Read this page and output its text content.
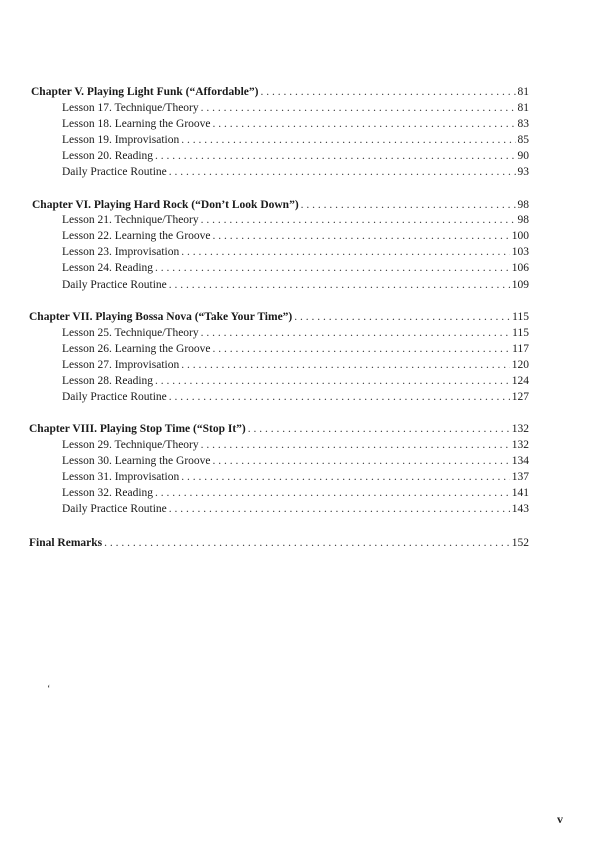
Chapter V. Playing Light Funk (“Affordable”) . . .	81
Lesson 17. Technique/Theory . . .	81
Lesson 18. Learning the Groove . . .	83
Lesson 19. Improvisation . . .	85
Lesson 20. Reading . . .	90
Daily Practice Routine . . .	93
Chapter VI. Playing Hard Rock (“Don’t Look Down”) . . .	98
Lesson 21. Technique/Theory . . .	98
Lesson 22. Learning the Groove . . .	100
Lesson 23. Improvisation . . .	103
Lesson 24. Reading . . .	106
Daily Practice Routine . . .	109
Chapter VII. Playing Bossa Nova (“Take Your Time”) . . .	115
Lesson 25. Technique/Theory . . .	115
Lesson 26. Learning the Groove . . .	117
Lesson 27. Improvisation . . .	120
Lesson 28. Reading . . .	124
Daily Practice Routine . . .	127
Chapter VIII. Playing Stop Time (“Stop It”) . . .	132
Lesson 29. Technique/Theory . . .	132
Lesson 30. Learning the Groove . . .	134
Lesson 31. Improvisation . . .	137
Lesson 32. Reading . . .	141
Daily Practice Routine . . .	143
Final Remarks . . .	152
ʻ
v
